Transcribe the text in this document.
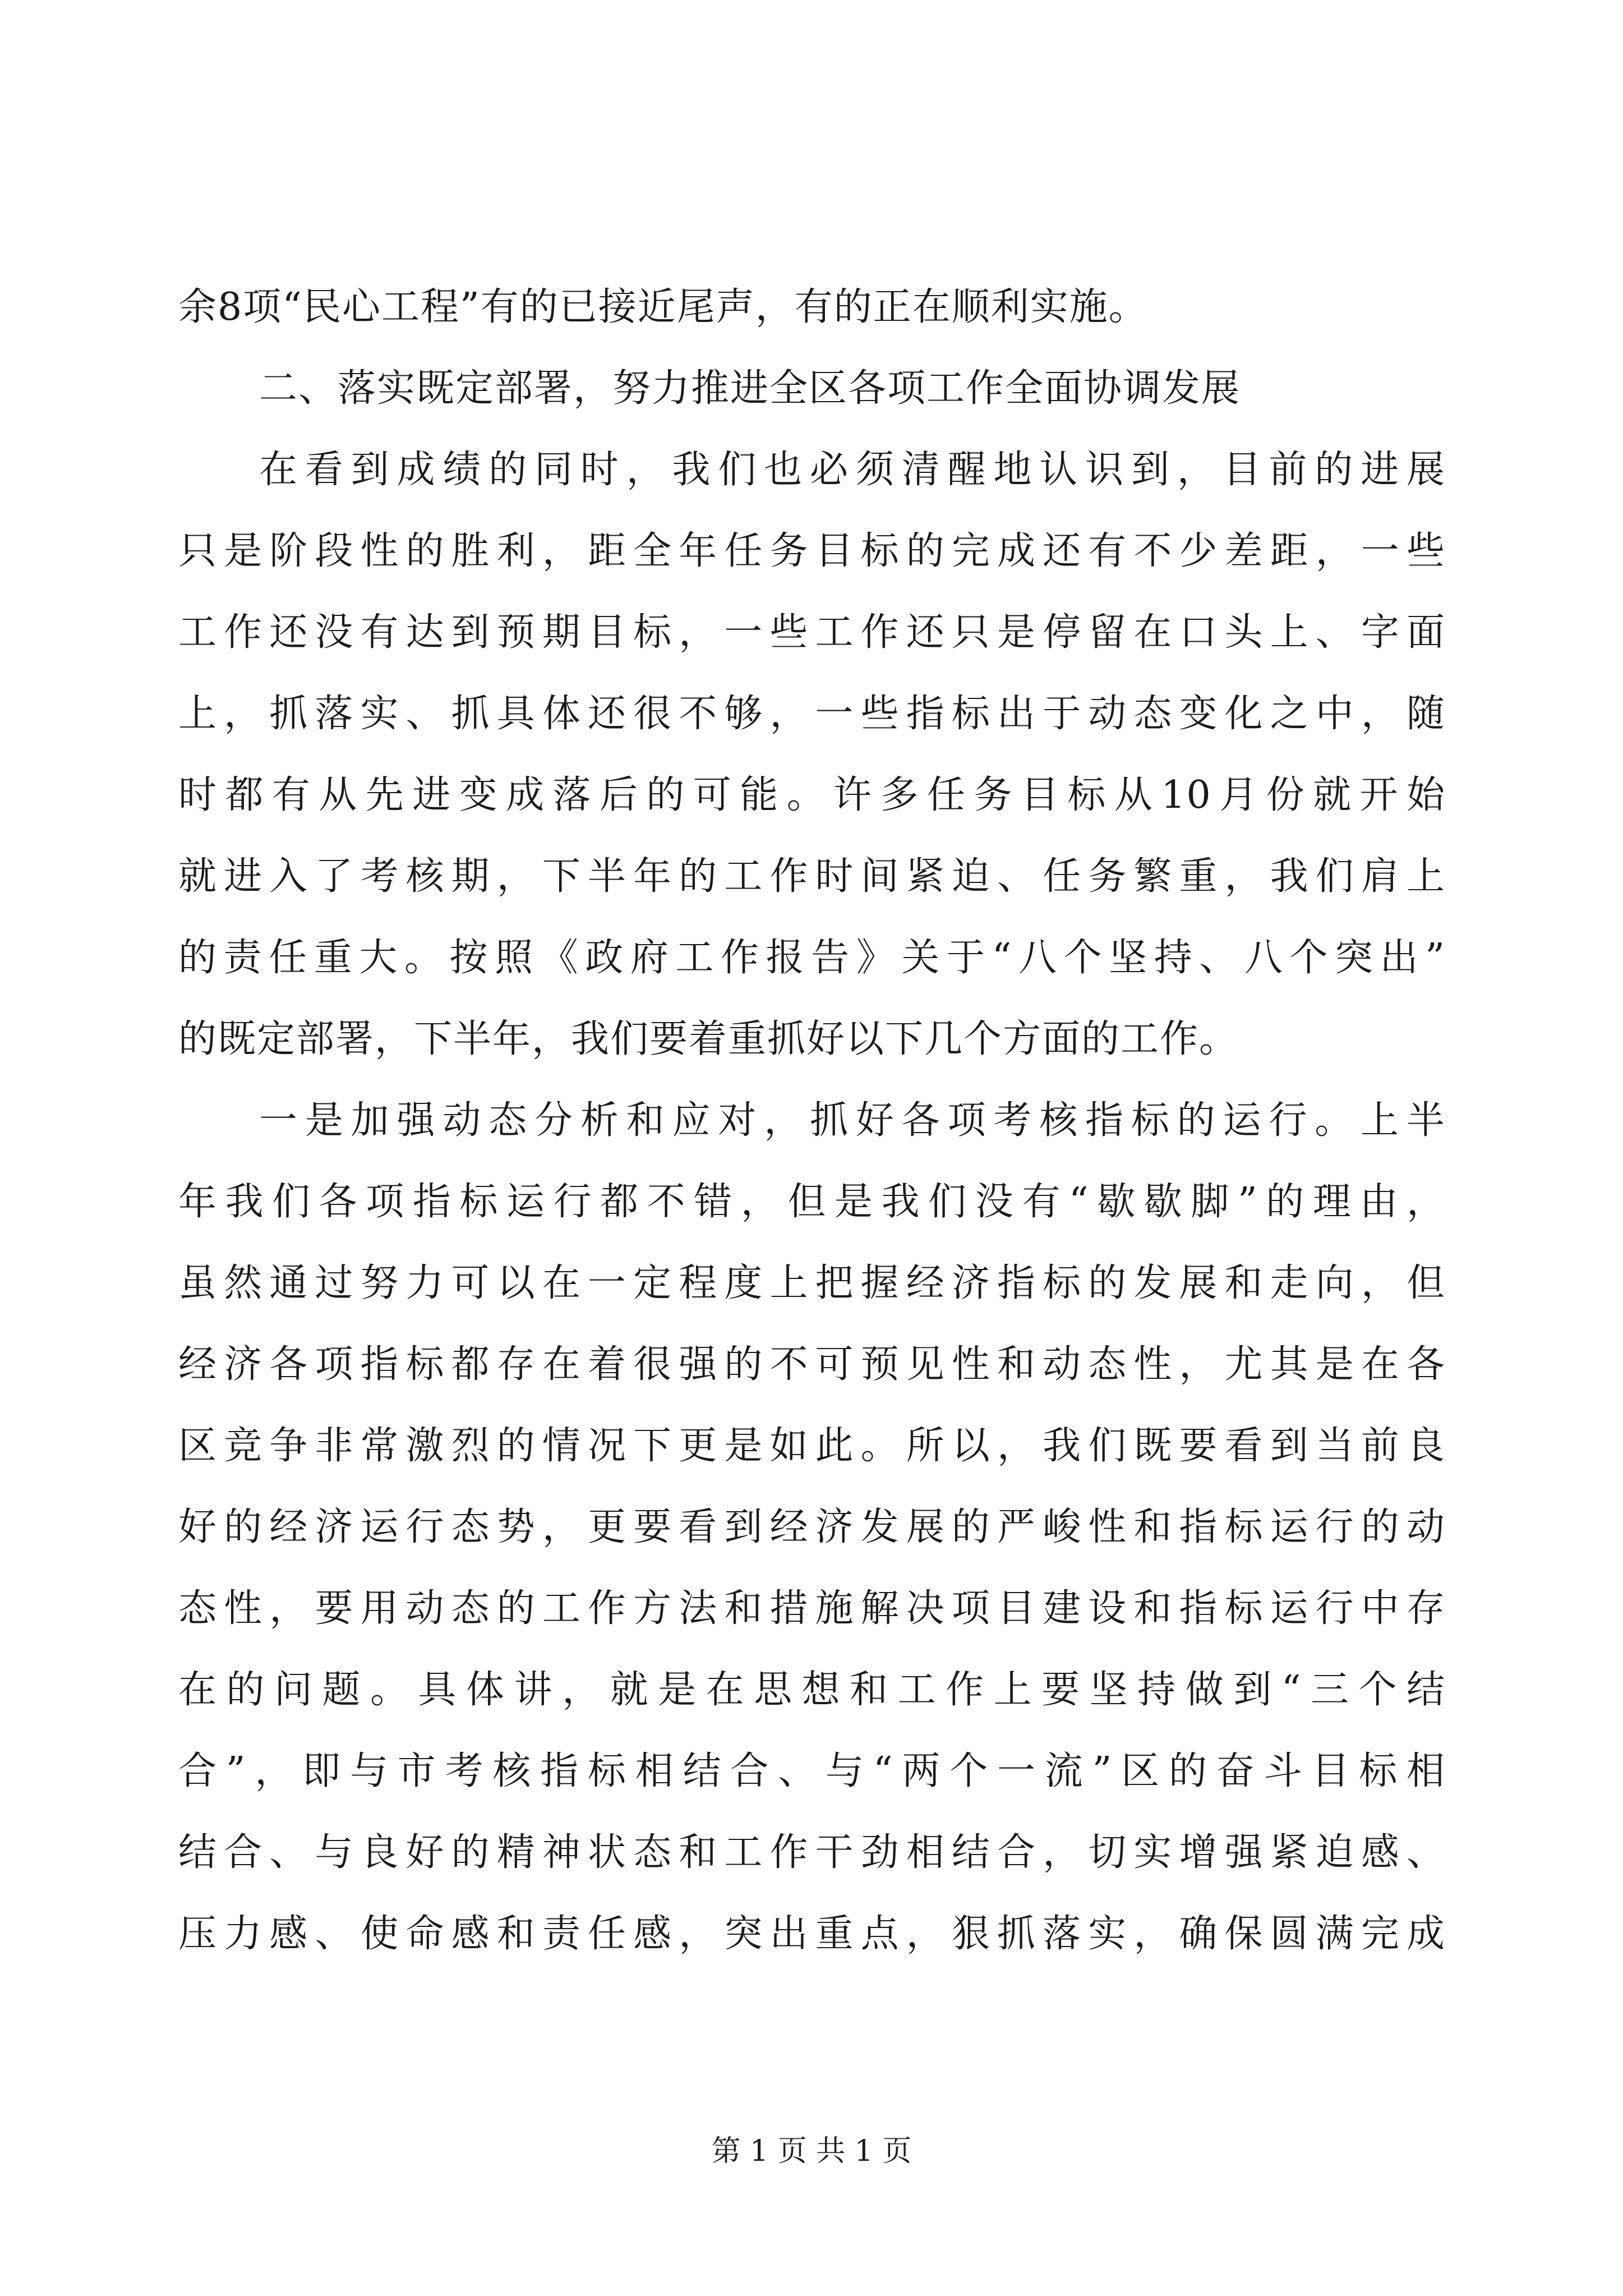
余8项“民心工程”有的已接近尾声，有的正在顺利实施。
二、落实既定部署，努力推进全区各项工作全面协调发展
在看到成绩的同时，我们也必须清醒地认识到，目前的进展
只是阶段性的胜利，距全年任务目标的完成还有不少差距，一些
工作还没有达到预期目标，一些工作还只是停留在口头上、字面
上，抓落实、抓具体还很不够，一些指标出于动态变化之中，随
时都有从先进变成落后的可能。许多任务目标从10月份就开始
就进入了考核期，下半年的工作时间紧迫、任务繁重，我们肩上
的责任重大。按照《政府工作报告》关于“八个坚持、八个突出”
的既定部署，下半年，我们要着重抓好以下几个方面的工作。
一是加强动态分析和应对，抓好各项考核指标的运行。上半
年我们各项指标运行都不错，但是我们没有“歇歇脚”的理由，
虽然通过努力可以在一定程度上把握经济指标的发展和走向，但
经济各项指标都存在着很强的不可预见性和动态性，尤其是在各
区竞争非常激烈的情况下更是如此。所以，我们既要看到当前良
好的经济运行态势，更要看到经济发展的严峻性和指标运行的动
态性，要用动态的工作方法和措施解决项目建设和指标运行中存
在的问题。具体讲，就是在思想和工作上要坚持做到“三个结
合”，即与市考核指标相结合、与“两个一流”区的奋斗目标相
结合、与良好的精神状态和工作干劲相结合，切实增强紧迫感、
压力感、使命感和责任感，突出重点，狠抓落实，确保圆满完成
第 1 页 共 1 页
